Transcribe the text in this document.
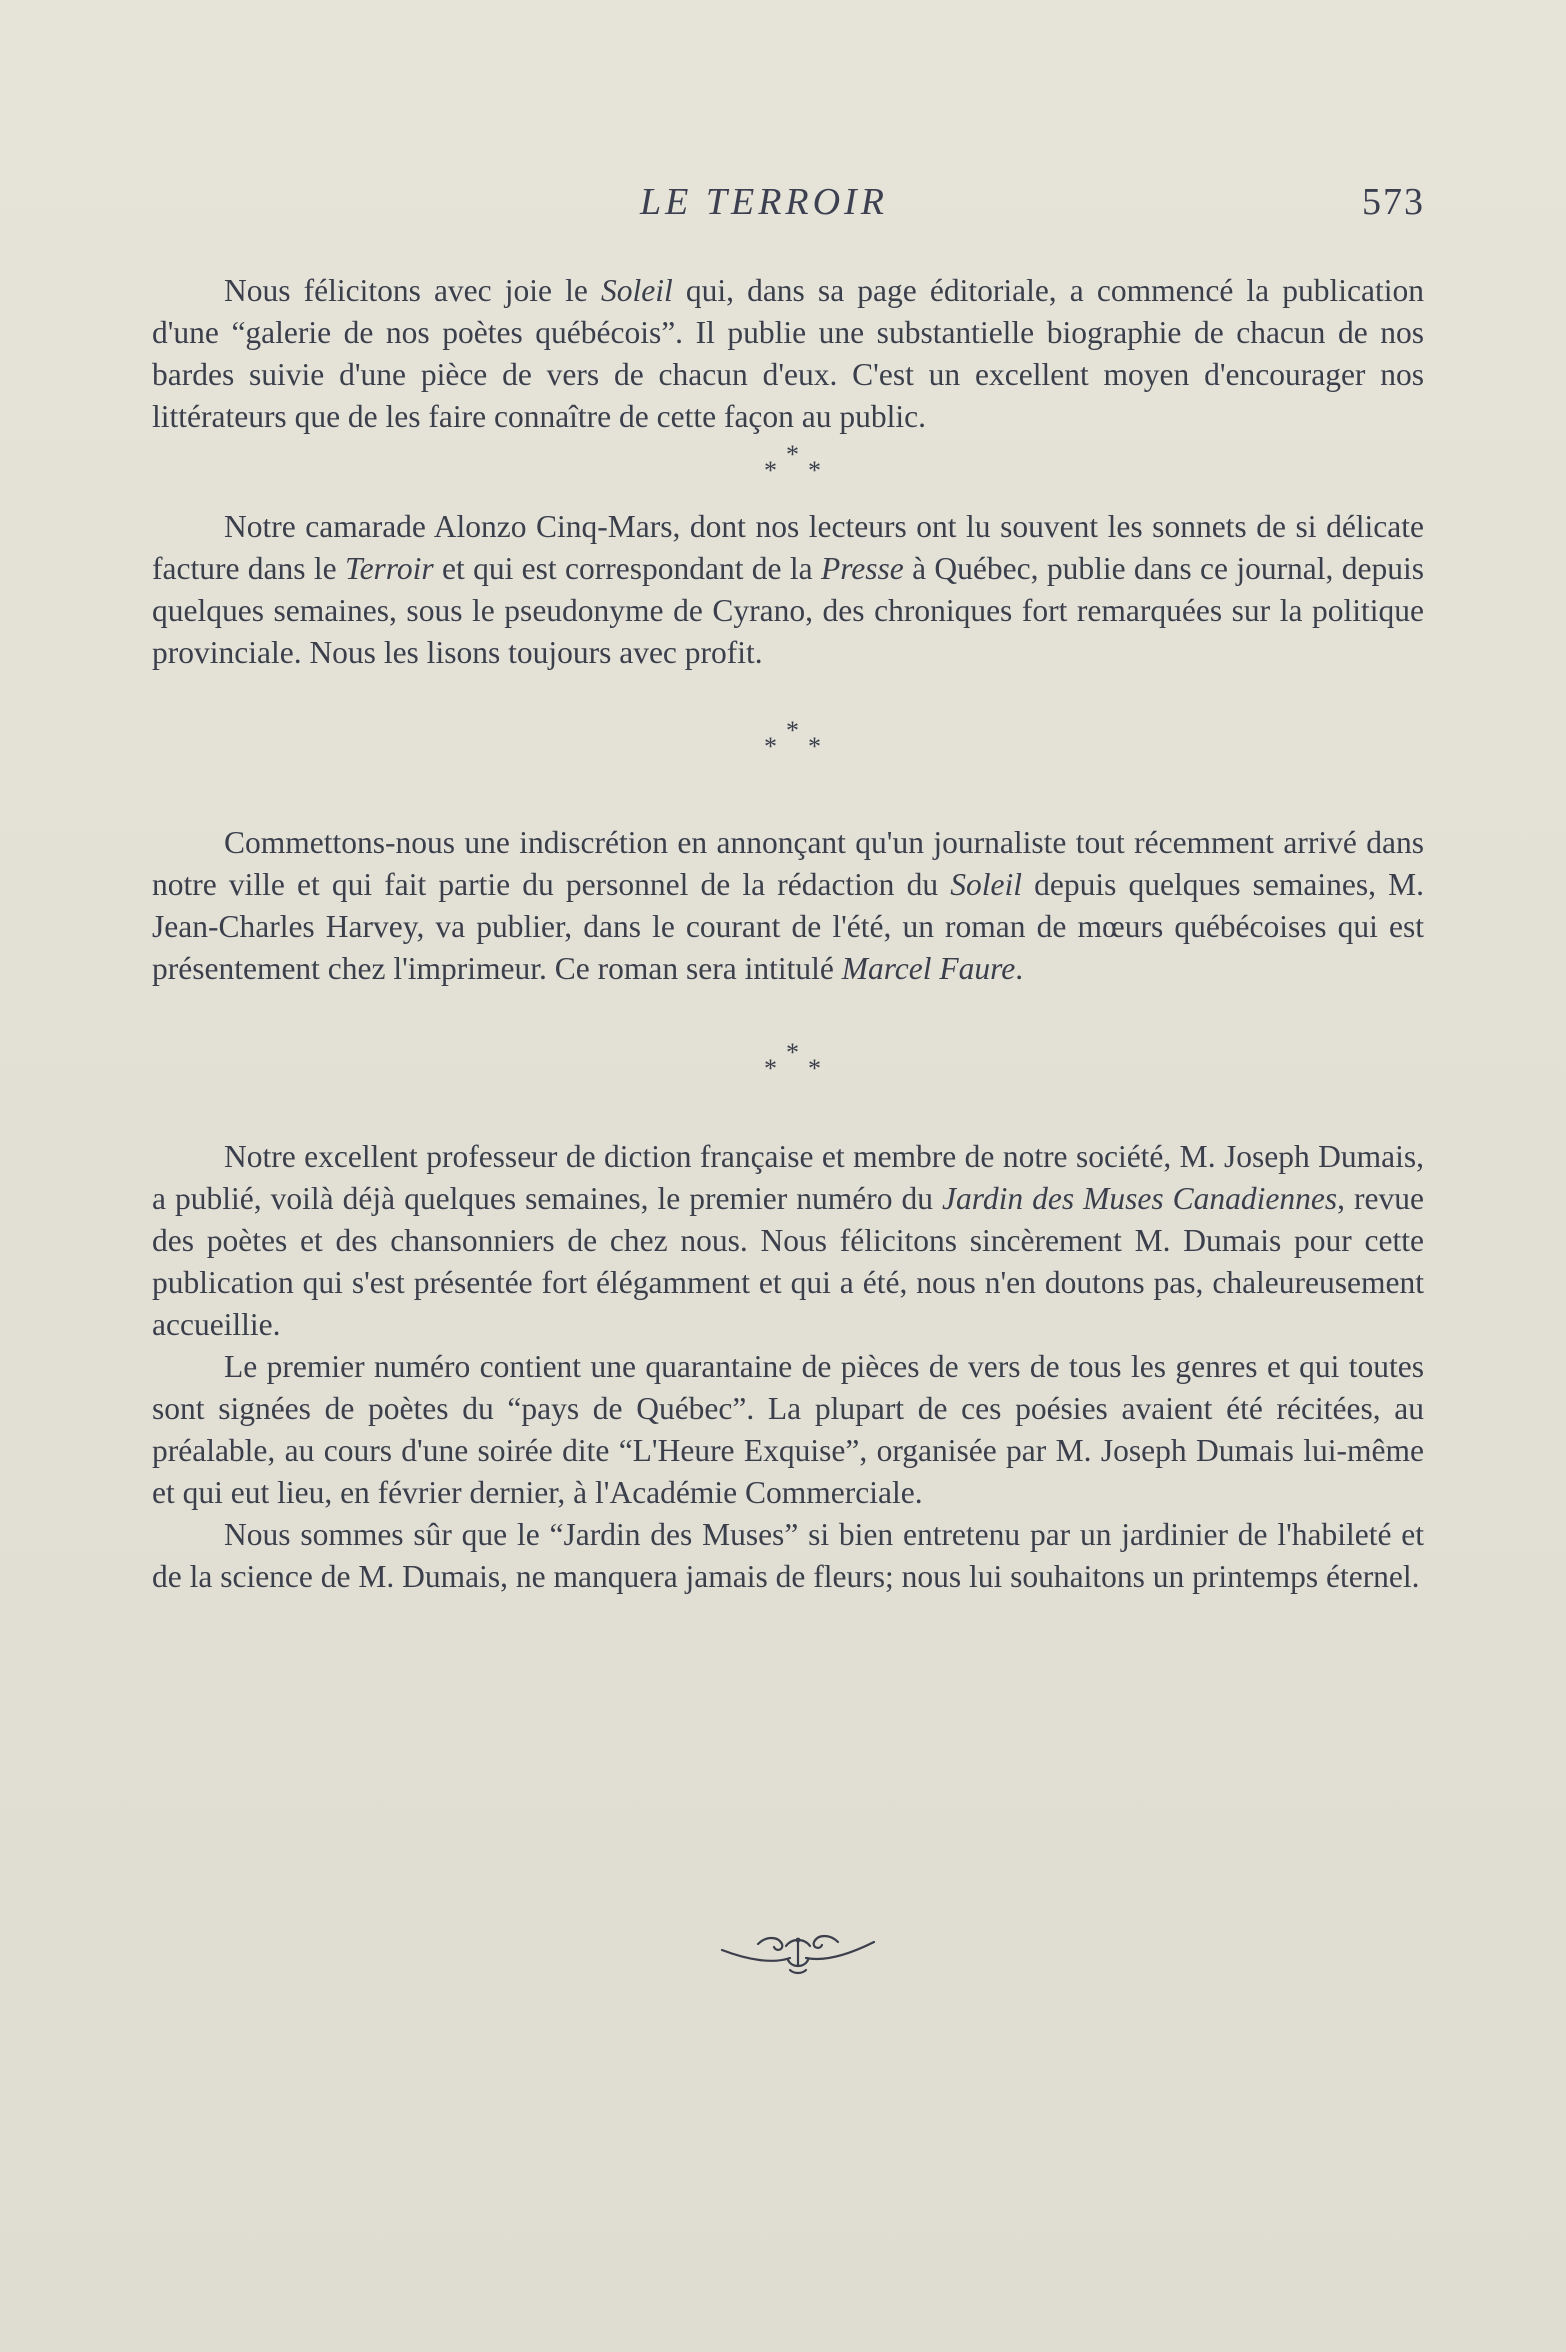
LE TERROIR	573

Nous félicitons avec joie le Soleil qui, dans sa page éditoriale, a commencé la publication d'une “galerie de nos poètes québécois”. Il publie une substantielle biographie de chacun de nos bardes suivie d'une pièce de vers de chacun d'eux. C'est un excellent moyen d'encourager nos littérateurs que de les faire connaître de cette façon au public.

*
* *

Notre camarade Alonzo Cinq-Mars, dont nos lecteurs ont lu souvent les sonnets de si délicate facture dans le Terroir et qui est correspondant de la Presse à Québec, publie dans ce journal, depuis quelques semaines, sous le pseudonyme de Cyrano, des chroniques fort remarquées sur la politique provinciale. Nous les lisons toujours avec profit.

*
* *

Commettons-nous une indiscrétion en annonçant qu'un journaliste tout récemment arrivé dans notre ville et qui fait partie du personnel de la rédaction du Soleil depuis quelques semaines, M. Jean-Charles Harvey, va publier, dans le courant de l'été, un roman de mœurs québécoises qui est présentement chez l'imprimeur. Ce roman sera intitulé Marcel Faure.

*
* *

Notre excellent professeur de diction française et membre de notre société, M. Joseph Dumais, a publié, voilà déjà quelques semaines, le premier numéro du Jardin des Muses Canadiennes, revue des poètes et des chansonniers de chez nous. Nous félicitons sincèrement M. Dumais pour cette publication qui s'est présentée fort élégamment et qui a été, nous n'en doutons pas, chaleureusement accueillie.

Le premier numéro contient une quarantaine de pièces de vers de tous les genres et qui toutes sont signées de poètes du “pays de Québec”. La plupart de ces poésies avaient été récitées, au préalable, au cours d'une soirée dite “L'Heure Exquise”, organisée par M. Joseph Dumais lui-même et qui eut lieu, en février dernier, à l'Académie Commerciale.

Nous sommes sûr que le “Jardin des Muses” si bien entretenu par un jardinier de l'habileté et de la science de M. Dumais, ne manquera jamais de fleurs; nous lui souhaitons un printemps éternel.
